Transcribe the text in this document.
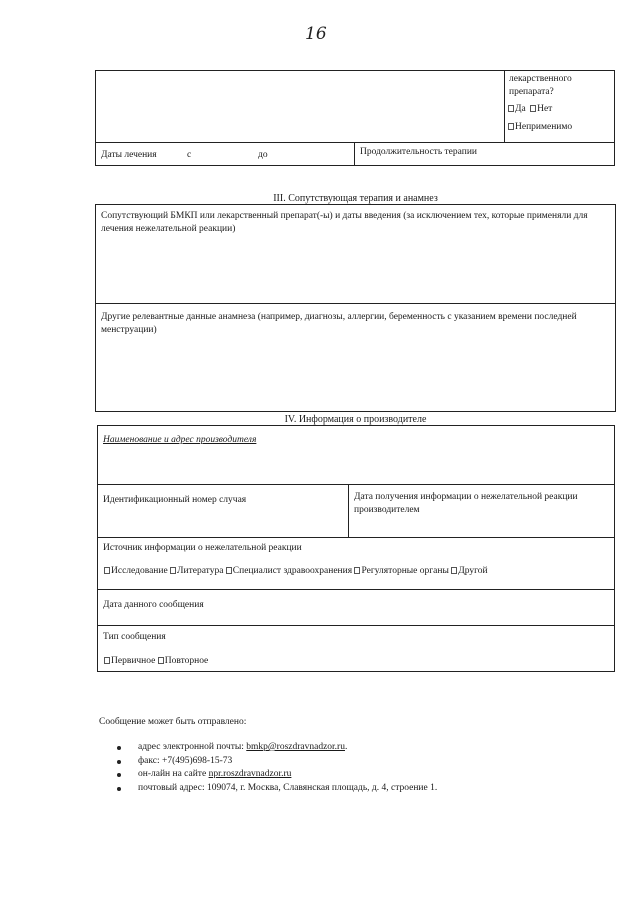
16
лекарственного препарата?
Да Нет
Неприменимо
Даты лечения	с	до	Продолжительность терапии
III. Сопутствующая терапия и анамнез
Сопутствующий БМКП или лекарственный препарат(-ы) и даты введения (за исключением тех, которые применяли для лечения нежелательной реакции)
Другие релевантные данные анамнеза (например, диагнозы, аллергии, беременность с указанием времени последней менструации)
IV. Информация о производителе
Наименование и адрес производителя
Идентификационный номер случая	Дата получения информации о нежелательной реакции производителем
Источник информации о нежелательной реакции
Исследование Литература Специалист здравоохранения Регуляторные органы Другой
Дата данного сообщения
Тип сообщения
Первичное Повторное
Сообщение может быть отправлено:
адрес электронной почты: bmkp@roszdravnadzor.ru.
факс: +7(495)698-15-73
он-лайн на сайте npr.roszdravnadzor.ru
почтовый адрес: 109074, г. Москва, Славянская площадь, д. 4, строение 1.
